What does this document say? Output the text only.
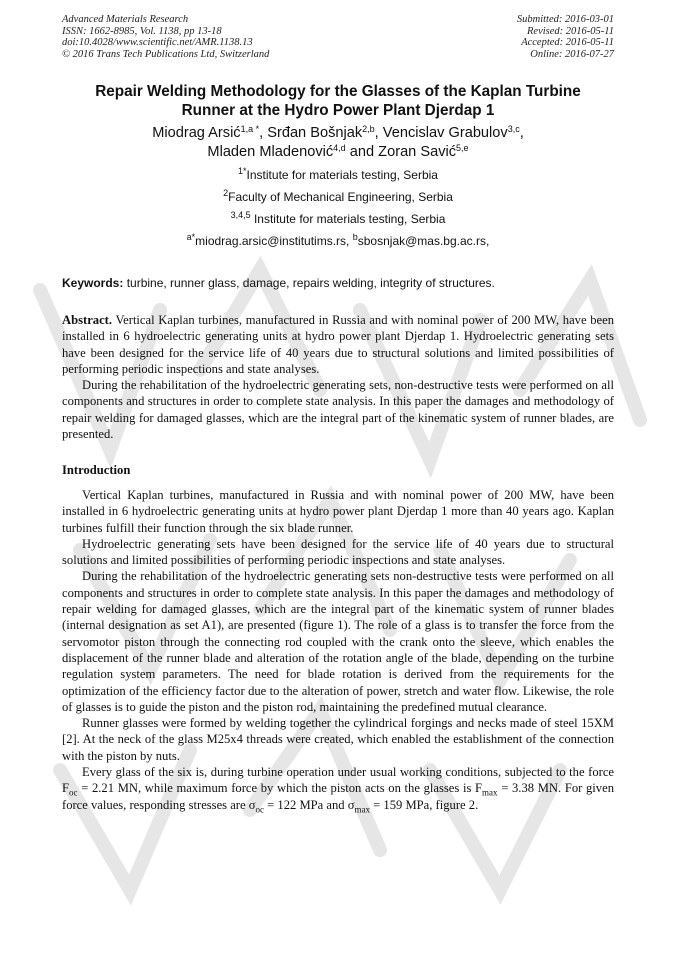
Advanced Materials Research
ISSN: 1662-8985, Vol. 1138, pp 13-18
doi:10.4028/www.scientific.net/AMR.1138.13
© 2016 Trans Tech Publications Ltd, Switzerland
Submitted: 2016-03-01
Revised: 2016-05-11
Accepted: 2016-05-11
Online: 2016-07-27
Repair Welding Methodology for the Glasses of the Kaplan Turbine
Runner at the Hydro Power Plant Djerdap 1
Miodrag Arsić$^{1,a *}$, Srđan Bošnjak$^{2,b}$, Vencislav Grabulov$^{3,c}$,
Mladen Mladenović$^{4,d}$ and Zoran Savić$^{5,e}$
$^{1*}$Institute for materials testing, Serbia
$^2$Faculty of Mechanical Engineering, Serbia
$^{3,4,5}$ Institute for materials testing, Serbia
$^{a*}$miodrag.arsic@institutims.rs, $^b$sbosnjak@mas.bg.ac.rs,
Keywords: turbine, runner glass, damage, repairs welding, integrity of structures.

Abstract. Vertical Kaplan turbines, manufactured in Russia and with nominal power of 200 MW, have been installed in 6 hydroelectric generating units at hydro power plant Djerdap 1. Hydroelectric generating sets have been designed for the service life of 40 years due to structural solutions and limited possibilities of performing periodic inspections and state analyses.

During the rehabilitation of the hydroelectric generating sets, non-destructive tests were performed on all components and structures in order to complete state analysis. In this paper the damages and methodology of repair welding for damaged glasses, which are the integral part of the kinematic system of runner blades, are presented.

Introduction

Vertical Kaplan turbines, manufactured in Russia and with nominal power of 200 MW, have been installed in 6 hydroelectric generating units at hydro power plant Djerdap 1 more than 40 years ago. Kaplan turbines fulfill their function through the six blade runner.

Hydroelectric generating sets have been designed for the service life of 40 years due to structural solutions and limited possibilities of performing periodic inspections and state analyses.

During the rehabilitation of the hydroelectric generating sets non-destructive tests were performed on all components and structures in order to complete state analysis. In this paper the damages and methodology of repair welding for damaged glasses, which are the integral part of the kinematic system of runner blades (internal designation as set A1), are presented (figure 1). The role of a glass is to transfer the force from the servomotor piston through the connecting rod coupled with the crank onto the sleeve, which enables the displacement of the runner blade and alteration of the rotation angle of the blade, depending on the turbine regulation system parameters. The need for blade rotation is derived from the requirements for the optimization of the efficiency factor due to the alteration of power, stretch and water flow. Likewise, the role of glasses is to guide the piston and the piston rod, maintaining the predefined mutual clearance.

Runner glasses were formed by welding together the cylindrical forgings and necks made of steel 15XM [2]. At the neck of the glass M25x4 threads were created, which enabled the establishment of the connection with the piston by nuts.

Every glass of the six is, during turbine operation under usual working conditions, subjected to the force $F_{oc} = 2.21$ MN, while maximum force by which the piston acts on the glasses is $F_{max} = 3.38$ MN. For given force values, responding stresses are $\sigma_{oc} = 122$ MPa and $\sigma_{max} = 159$ MPa, figure 2.
